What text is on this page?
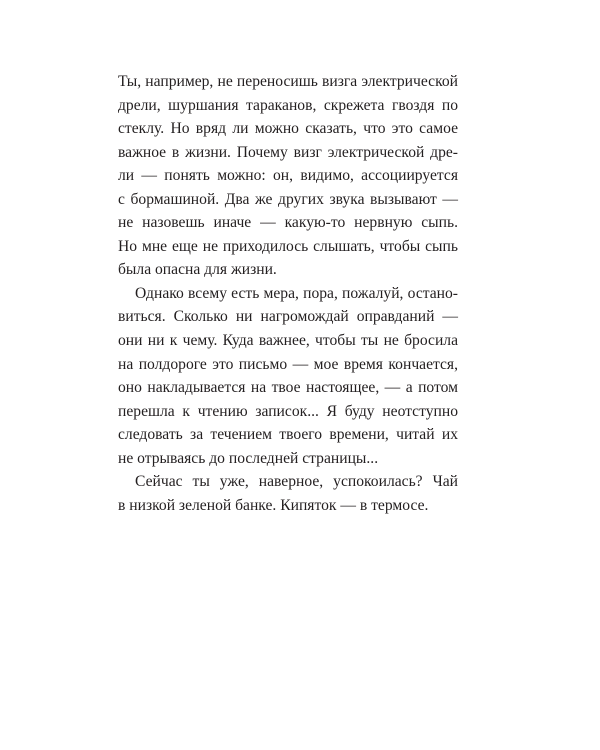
Ты, например, не переносишь визга электрической
дрели, шуршания тараканов, скрежета гвоздя по
стеклу. Но вряд ли можно сказать, что это самое
важное в жизни. Почему визг электрической дре-
ли — понять можно: он, видимо, ассоциируется
с бормашиной. Два же других звука вызывают —
не назовешь иначе — какую-то нервную сыпь.
Но мне еще не приходилось слышать, чтобы сыпь
была опасна для жизни.
Однако всему есть мера, пора, пожалуй, остано-
виться. Сколько ни нагромождай оправданий —
они ни к чему. Куда важнее, чтобы ты не бросила
на полдороге это письмо — мое время кончается,
оно накладывается на твое настоящее, — а потом
перешла к чтению записок... Я буду неотступно
следовать за течением твоего времени, читай их
не отрываясь до последней страницы...
Сейчас ты уже, наверное, успокоилась? Чай
в низкой зеленой банке. Кипяток — в термосе.
